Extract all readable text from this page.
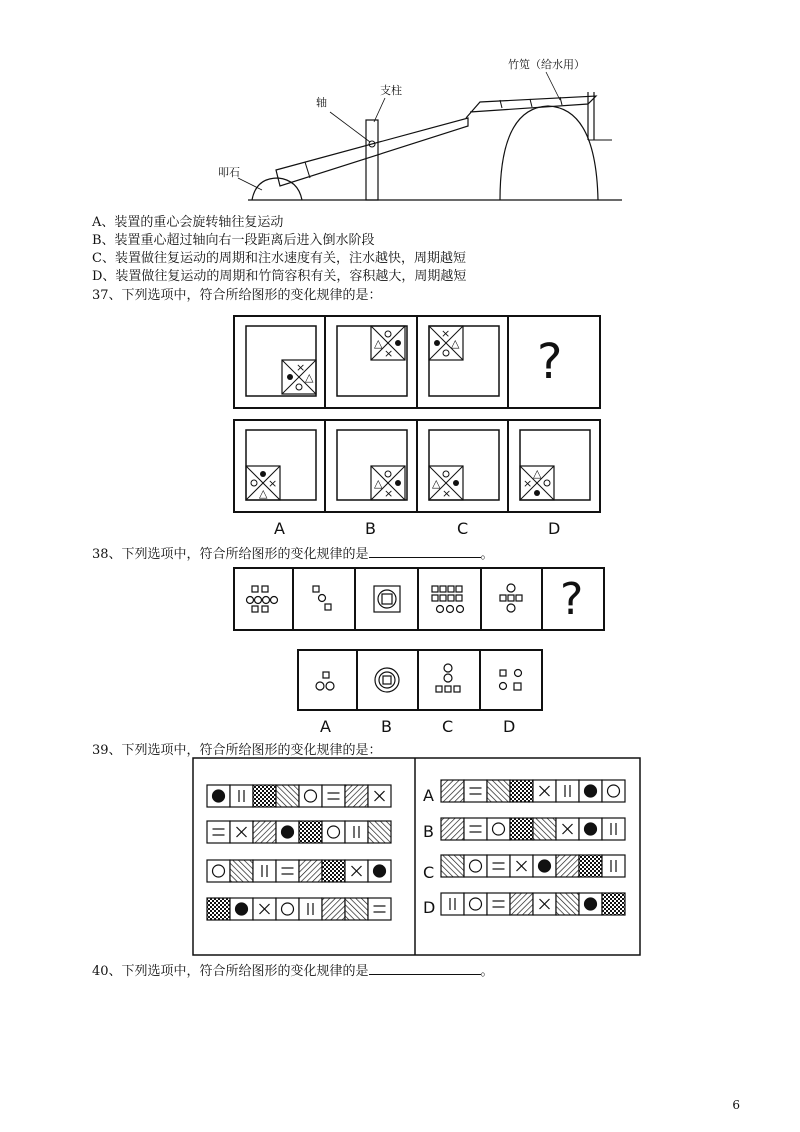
竹笕（给水用）
轴
支柱
叩石
A、装置的重心会旋转轴往复运动
B、装置重心超过轴向右一段距离后进入倒水阶段
C、装置做往复运动的周期和注水速度有关，注水越快，周期越短
D、装置做往复运动的周期和竹筒容积有关，容积越大，周期越短
37、下列选项中，符合所给图形的变化规律的是：
×
△
△
×
×
△ ?
×
△
△
×
△
×
△
×
A	B	C	D
38、下列选项中，符合所给图形的变化规律的是	。
?
A	B	C	D
39、下列选项中，符合所给图形的变化规律的是：
A
B
C
D
40、下列选项中，符合所给图形的变化规律的是	。
6
